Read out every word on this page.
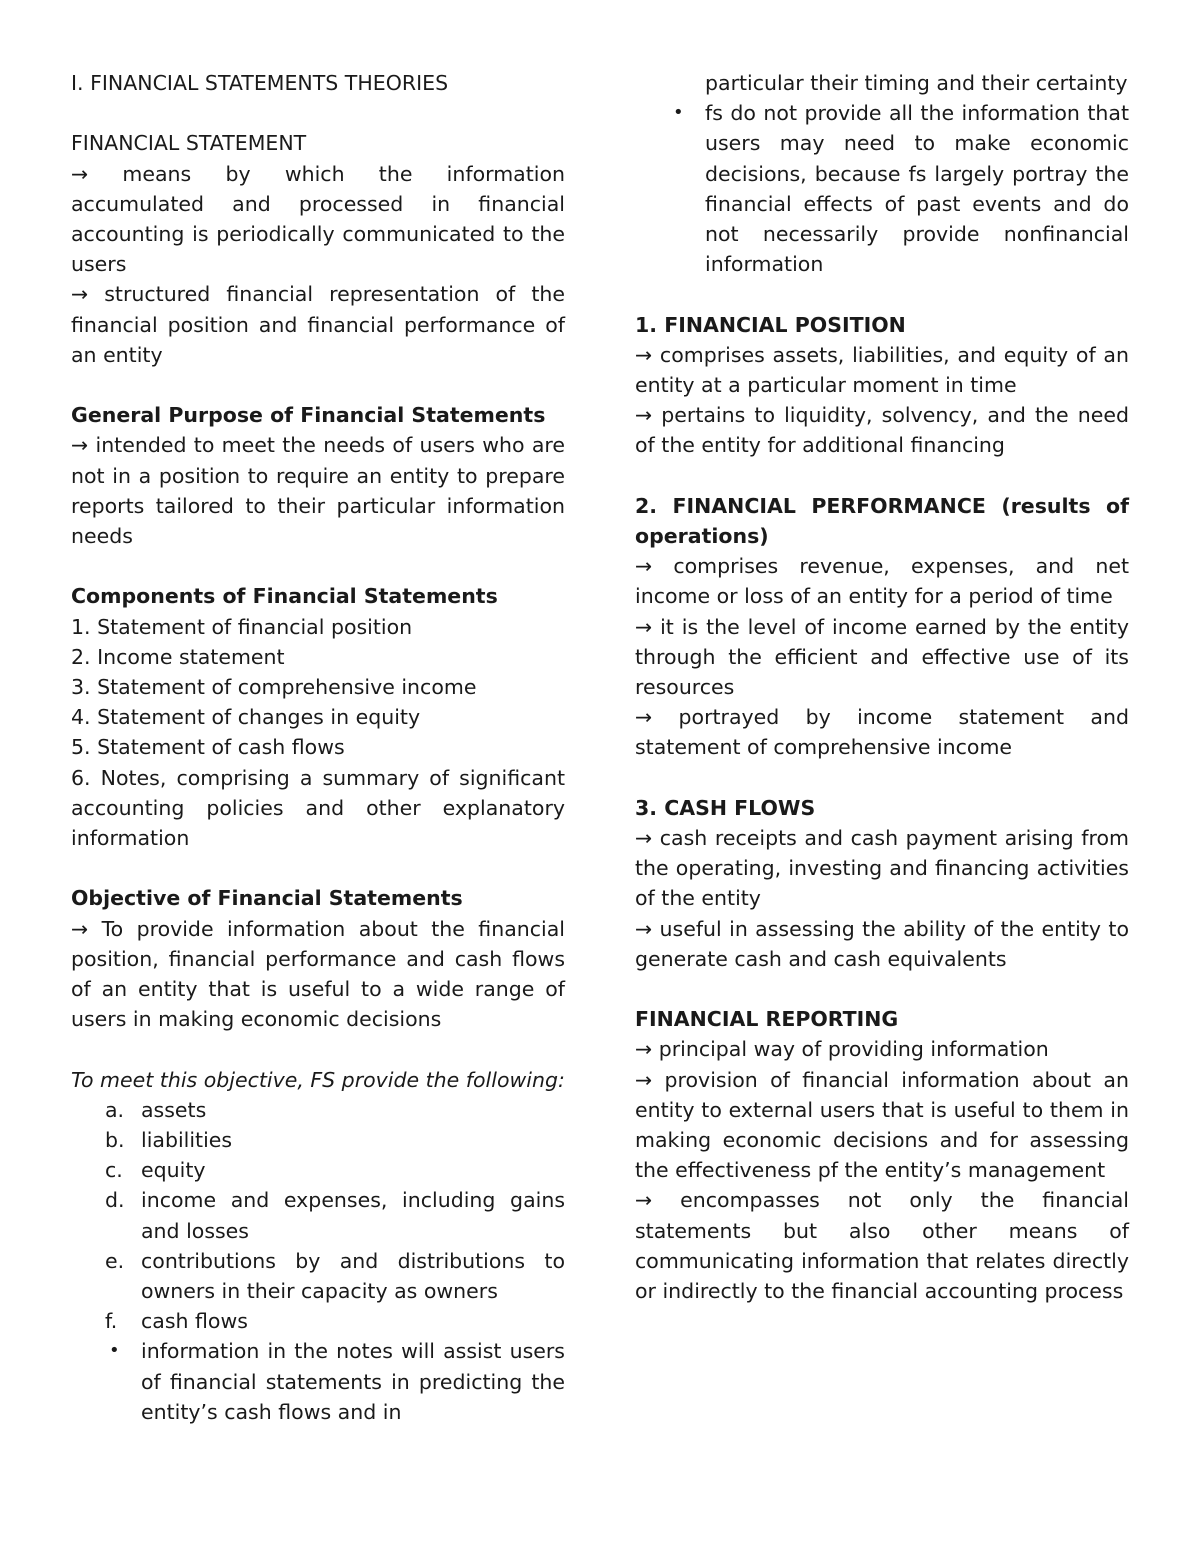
I. FINANCIAL STATEMENTS THEORIES
FINANCIAL STATEMENT
→ means by which the information accumulated and processed in financial accounting is periodically communicated to the users
→ structured financial representation of the financial position and financial performance of an entity
General Purpose of Financial Statements
→ intended to meet the needs of users who are not in a position to require an entity to prepare reports tailored to their particular information needs
Components of Financial Statements
1. Statement of financial position
2. Income statement
3. Statement of comprehensive income
4. Statement of changes in equity
5. Statement of cash flows
6. Notes, comprising a summary of significant accounting policies and other explanatory information
Objective of Financial Statements
→ To provide information about the financial position, financial performance and cash flows of an entity that is useful to a wide range of users in making economic decisions
To meet this objective, FS provide the following:
a. assets
b. liabilities
c. equity
d. income and expenses, including gains and losses
e. contributions by and distributions to owners in their capacity as owners
f. cash flows
• information in the notes will assist users of financial statements in predicting the entity’s cash flows and in
particular their timing and their certainty
• fs do not provide all the information that users may need to make economic decisions, because fs largely portray the financial effects of past events and do not necessarily provide nonfinancial information
1. FINANCIAL POSITION
→ comprises assets, liabilities, and equity of an entity at a particular moment in time
→ pertains to liquidity, solvency, and the need of the entity for additional financing
2. FINANCIAL PERFORMANCE (results of operations)
→ comprises revenue, expenses, and net income or loss of an entity for a period of time
→ it is the level of income earned by the entity through the efficient and effective use of its resources
→ portrayed by income statement and statement of comprehensive income
3. CASH FLOWS
→ cash receipts and cash payment arising from the operating, investing and financing activities of the entity
→ useful in assessing the ability of the entity to generate cash and cash equivalents
FINANCIAL REPORTING
→ principal way of providing information
→ provision of financial information about an entity to external users that is useful to them in making economic decisions and for assessing the effectiveness pf the entity’s management
→ encompasses not only the financial statements but also other means of communicating information that relates directly or indirectly to the financial accounting process
